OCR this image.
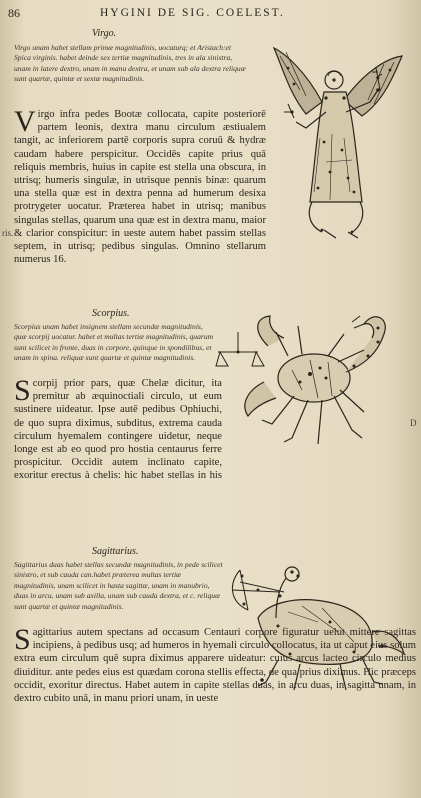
86	HYGINI DE SIG. COELEST.
Virgo.
Virgo unam habet stellam primæ magnitudinis, uocaturq; et Aristach:et Spica virginis. habet deinde sex tertiæ magnitudinis, tres in ala sinistra, unam in latere dextro, unam in manu dextra, et unam sub ala dextra reliquæ sunt quartæ, quintæ et sextæ magnitudinis.
Virgo infra pedes Bootæ collocata, capite posteriorē partem leonis, dextra manu circulum æstiualem tangit, ac inferiorem partē corporis supra coruū & hydræ caudam habere perspicitur. Occidēs capite prius quā reliquis membris, huius in capite est stella una obscura, in utrisq; humeris singulæ, in utrisque pennis binæ: quarum una stella quæ est in dextra penna ad humerum desixa protrygeter uocatur. Præterea habet in utrisq; manibus singulas stellas, quarum una quæ est in dextra manu, maior & clarior conspicitur: in ueste autem habet passim stellas septem, in utrisq; pedibus singulas. Omnino stellarum numerus 16.
ris.
Scorpius.
Scorpius unam habet insignem stellam secundæ magnitudinis, quæ scorpij uocatur. habet et multas tertiæ magnitudinis, quarum sunt scilicet in fronte, duas in corpore, quinque in spondilibus, et unam in spina. reliquæ sunt quartæ et quintæ magnitudinis.
Scorpij prior pars, quæ Chelæ dicitur, ita premitur ab æquinoctiali circulo, ut eum sustinere uideatur. Ipse autē pedibus Ophiuchi, de quo supra diximus, subditus, extrema cauda circulum hyemalem contingere uidetur, neque longe est ab eo quod pro hostia centaurus ferre prospicitur. Occidit autem inclinato capite, exoritur erectus à chelis: hic habet stellas in his
D
Sagittarius.
Sagittarius duas habet stellas secundæ magnitudinis, in pede scilicet sinistro, et sub cauda can.habet præterea multas tertiæ magnitudinis, unam scilicet in hasta sagittæ, unam in manubrio, duas in arcu, unam sub axilla, unam sub cauda dextra, et c. reliquæ sunt quartæ et quintæ magnitudinis.
Sagittarius autem spectans ad occasum Centauri corpore figuratur uelut mittere sagittas incipiens, à pedibus usq; ad humeros in hyemali circulo collocatus, ita ut caput eius solum extra eum circulum quē supra diximus apparere uideatur: cuius arcus lacteo circulo medius diuiditur. ante pedes eius est quædam corona stellis effecta, de qua prius diximus. Hic præceps occidit, exoritur directus. Habet autem in capite stellas duas, in arcu duas, in sagitta unam, in dextro cubito unā, in manu priori unam, in ueste
